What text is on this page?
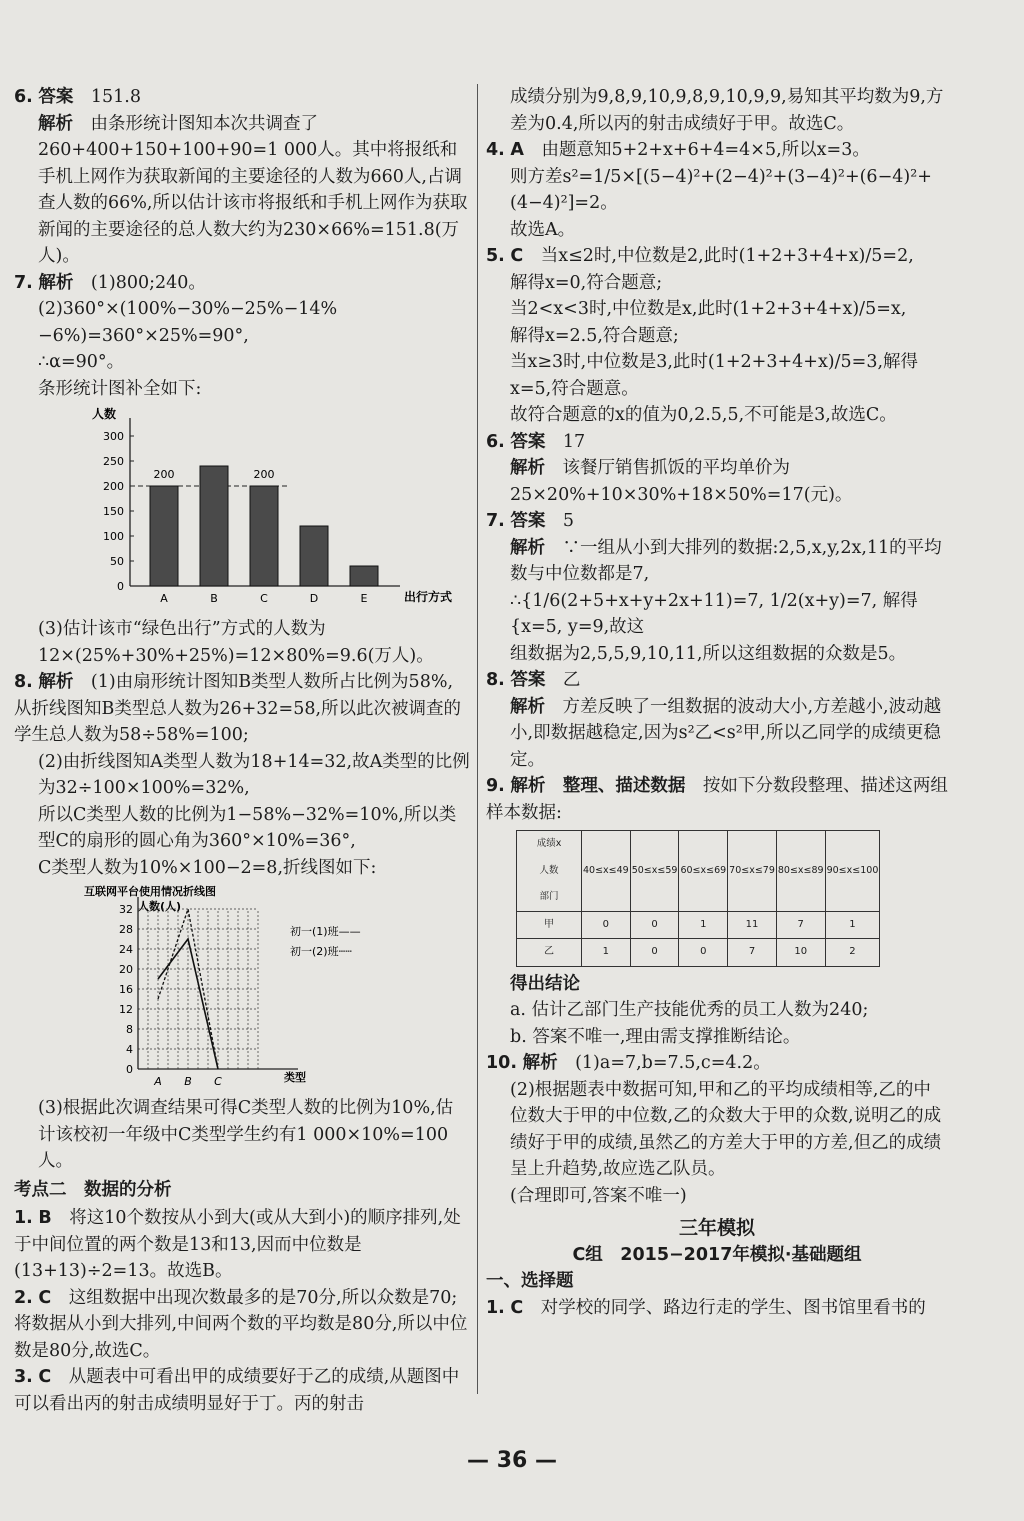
6. 答案　 151.8

解析　 由条形统计图知本次共调查了260+400+150+100+90=1 000人。其中将报纸和手机上网作为获取新闻的主要途径的人数为660人,占调查人数的66%,所以估计该市将报纸和手机上网作为获取新闻的主要途径的总人数大约为230×66%=151.8(万人)。

7. 解析　 (1)800;240。

(2)360°×(100%−30%−25%−14%−6%)=360°×25%=90°,

∴α=90°。

条形统计图补全如下:

人数
出行方式
0
50
100
150
200
250
300
A
200
B	C
200
D	E

(3)估计该市“绿色出行”方式的人数为12×(25%+30%+25%)=12×80%=9.6(万人)。

8. 解析　 (1)由扇形统计图知B类型人数所占比例为58%,从折线图知B类型总人数为26+32=58,所以此次被调查的学生总人数为58÷58%=100;

(2)由折线图知A类型人数为18+14=32,故A类型的比例为32÷100×100%=32%,

所以C类型人数的比例为1−58%−32%=10%,所以类型C的扇形的圆心角为360°×10%=36°,

C类型人数为10%×100−2=8,折线图如下:

互联网平台使用情况折线图
人数(人)
0
4
8
12
16
20
24
28
32
类型
A B C
初一(1)班——
初一(2)班┄┄

(3)根据此次调查结果可得C类型人数的比例为10%,估计该校初一年级中C类型学生约有1 000×10%=100人。

考点二　数据的分析

1. B　 将这10个数按从小到大(或从大到小)的顺序排列,处于中间位置的两个数是13和13,因而中位数是(13+13)÷2=13。故选B。

2. C　 这组数据中出现次数最多的是70分,所以众数是70;将数据从小到大排列,中间两个数的平均数是80分,所以中位数是80分,故选C。

3. C　 从题表中可看出甲的成绩要好于乙的成绩,从题图中可以看出丙的射击成绩明显好于丁。丙的射击

成绩分别为9,8,9,10,9,8,9,10,9,9,易知其平均数为9,方差为0.4,所以丙的射击成绩好于甲。故选C。

4. A　 由题意知5+2+x+6+4=4×5,所以x=3。

则方差s²=1/5×[(5−4)²+(2−4)²+(3−4)²+(6−4)²+(4−4)²]=2。

故选A。

5. C　 当x≤2时,中位数是2,此时(1+2+3+4+x)/5=2,

解得x=0,符合题意;

当2<x<3时,中位数是x,此时(1+2+3+4+x)/5=x,

解得x=2.5,符合题意;

当x≥3时,中位数是3,此时(1+2+3+4+x)/5=3,解得x=5,符合题意。

故符合题意的x的值为0,2.5,5,不可能是3,故选C。

6. 答案　 17

解析　 该餐厅销售抓饭的平均单价为25×20%+10×30%+18×50%=17(元)。

7. 答案　 5

解析　 ∵一组从小到大排列的数据:2,5,x,y,2x,11的平均数与中位数都是7,

∴{1/6(2+5+x+y+2x+11)=7, 1/2(x+y)=7, 解得{x=5, y=9,故这

组数据为2,5,5,9,10,11,所以这组数据的众数是5。

8. 答案　 乙

解析　 方差反映了一组数据的波动大小,方差越小,波动越小,即数据越稳定,因为s²乙<s²甲,所以乙同学的成绩更稳定。

9. 解析　 整理、描述数据　 按如下分数段整理、描述这两组样本数据:

成绩x
人数
部门	40≤x≤49	50≤x≤59	60≤x≤69	70≤x≤79	80≤x≤89	90≤x≤100
甲	0	0	1	11	7	1
乙	1	0	0	7	10	2

得出结论

a. 估计乙部门生产技能优秀的员工人数为240;

b. 答案不唯一,理由需支撑推断结论。

10. 解析　 (1)a=7,b=7.5,c=4.2。

(2)根据题表中数据可知,甲和乙的平均成绩相等,乙的中位数大于甲的中位数,乙的众数大于甲的众数,说明乙的成绩好于甲的成绩,虽然乙的方差大于甲的方差,但乙的成绩呈上升趋势,故应选乙队员。

(合理即可,答案不唯一)

三年模拟

C组　2015−2017年模拟·基础题组

一、选择题

1. C　 对学校的同学、路边行走的学生、图书馆里看书的

— 36 —
